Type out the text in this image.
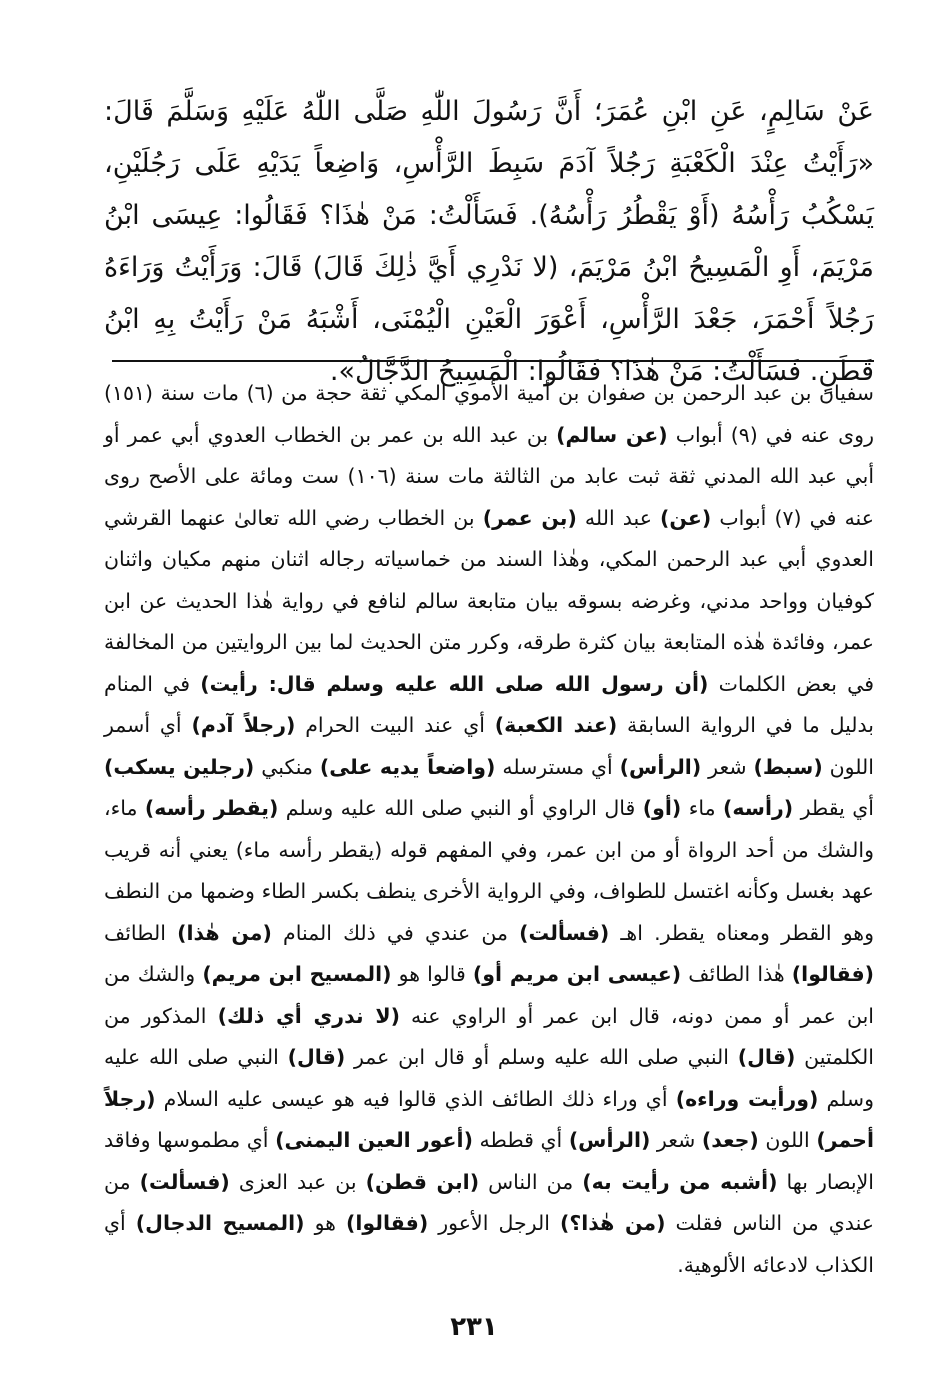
عَنْ سَالِمٍ، عَنِ ابْنِ عُمَرَ؛ أَنَّ رَسُولَ اللّٰهِ صَلَّى اللّٰهُ عَلَيْهِ وَسَلَّمَ قَالَ: «رَأَيْتُ عِنْدَ الْكَعْبَةِ رَجُلاً آدَمَ سَبِطَ الرَّأْسِ، وَاضِعاً يَدَيْهِ عَلَى رَجُلَيْنِ، يَسْكُبُ رَأْسُهُ (أَوْ يَقْطُرُ رَأْسُهُ). فَسَأَلْتُ: مَنْ هٰذَا؟ فَقَالُوا: عِيسَى ابْنُ مَرْيَمَ، أَوِ الْمَسِيحُ ابْنُ مَرْيَمَ، (لا نَدْرِي أَيَّ ذٰلِكَ قَالَ) قَالَ: وَرَأَيْتُ وَرَاءَهُ رَجُلاً أَحْمَرَ، جَعْدَ الرَّأْسِ، أَعْوَرَ الْعَيْنِ الْيُمْنَى، أَشْبَهُ مَنْ رَأَيْتُ بِهِ ابْنُ قَطَنٍ. فَسَأَلْتُ: مَنْ هٰذَا؟ فَقَالُوا: الْمَسِيحُ الدَّجَّالُ».
سفيان بن عبد الرحمن بن صفوان بن أمية الأموي المكي ثقة حجة من (٦) مات سنة (١٥١) روى عنه في (٩) أبواب (عن سالم) بن عبد الله بن عمر بن الخطاب العدوي أبي عمر أو أبي عبد الله المدني ثقة ثبت عابد من الثالثة مات سنة (١٠٦) ست ومائة على الأصح روى عنه في (٧) أبواب (عن) عبد الله (بن عمر) بن الخطاب رضي الله تعالىٰ عنهما القرشي العدوي أبي عبد الرحمن المكي، وهٰذا السند من خماسياته رجاله اثنان منهم مكيان واثنان كوفيان وواحد مدني، وغرضه بسوقه بيان متابعة سالم لنافع في رواية هٰذا الحديث عن ابن عمر، وفائدة هٰذه المتابعة بيان كثرة طرقه، وكرر متن الحديث لما بين الروايتين من المخالفة في بعض الكلمات (أن رسول الله صلى الله عليه وسلم قال: رأيت) في المنام بدليل ما في الرواية السابقة (عند الكعبة) أي عند البيت الحرام (رجلاً آدم) أي أسمر اللون (سبط) شعر (الرأس) أي مسترسله (واضعاً يديه على) منكبي (رجلين يسكب) أي يقطر (رأسه) ماء (أو) قال الراوي أو النبي صلى الله عليه وسلم (يقطر رأسه) ماء، والشك من أحد الرواة أو من ابن عمر، وفي المفهم قوله (يقطر رأسه ماء) يعني أنه قريب عهد بغسل وكأنه اغتسل للطواف، وفي الرواية الأخرى ينطف بكسر الطاء وضمها من النطف وهو القطر ومعناه يقطر. اهـ (فسألت) من عندي في ذلك المنام (من هٰذا) الطائف (فقالوا) هٰذا الطائف (عيسى ابن مريم أو) قالوا هو (المسيح ابن مريم) والشك من ابن عمر أو ممن دونه، قال ابن عمر أو الراوي عنه (لا ندري أي ذلك) المذكور من الكلمتين (قال) النبي صلى الله عليه وسلم أو قال ابن عمر (قال) النبي صلى الله عليه وسلم (ورأيت وراءه) أي وراء ذلك الطائف الذي قالوا فيه هو عيسى عليه السلام (رجلاً أحمر) اللون (جعد) شعر (الرأس) أي قططه (أعور العين اليمنى) أي مطموسها وفاقد الإبصار بها (أشبه من رأيت به) من الناس (ابن قطن) بن عبد العزى (فسألت) من عندي من الناس فقلت (من هٰذا؟) الرجل الأعور (فقالوا) هو (المسيح الدجال) أي الكذاب لادعائه الألوهية.
٢٣١
